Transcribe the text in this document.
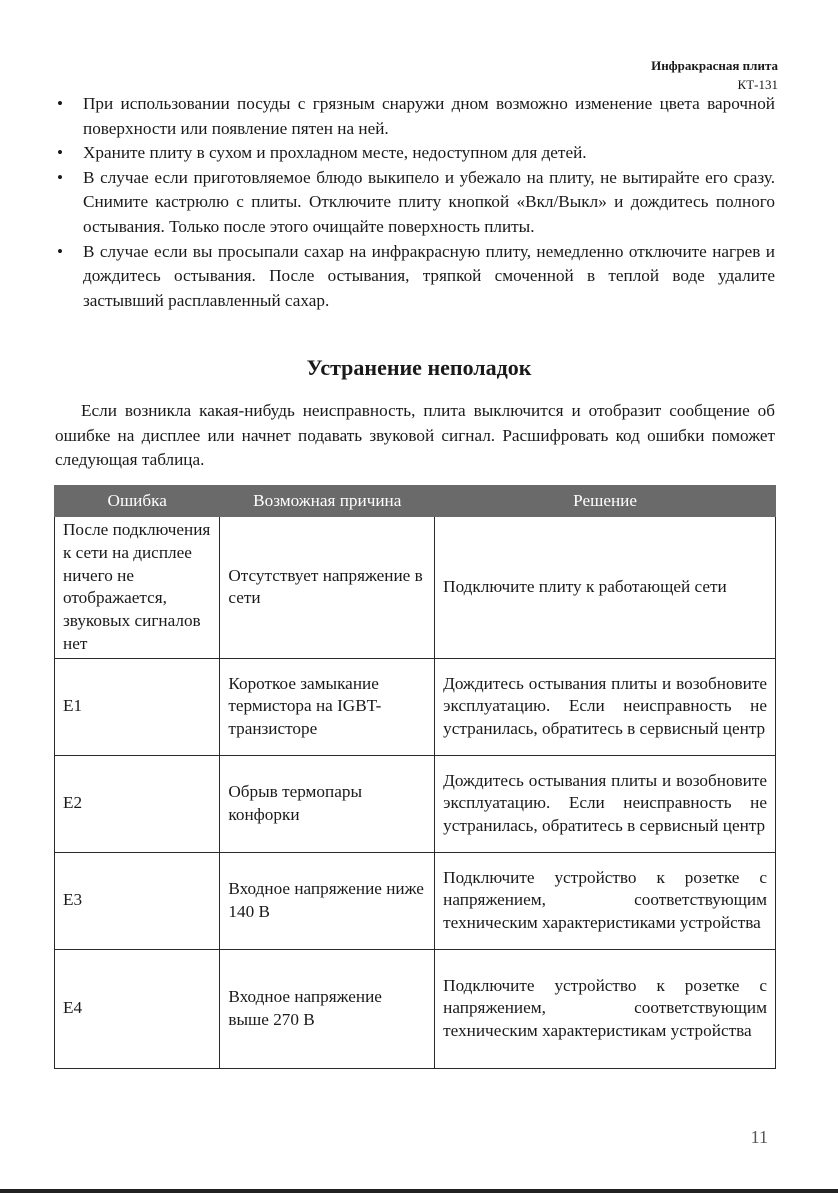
Инфракрасная плита
КТ-131
• При использовании посуды с грязным снаружи дном возможно изменение цвета варочной поверхности или появление пятен на ней.
• Храните плиту в сухом и прохладном месте, недоступном для детей.
• В случае если приготовляемое блюдо выкипело и убежало на плиту, не вытирайте его сразу. Снимите кастрюлю с плиты. Отключите плиту кнопкой «Вкл/Выкл» и дождитесь полного остывания. Только после этого очищайте поверхность плиты.
• В случае если вы просыпали сахар на инфракрасную плиту, немедленно отключите нагрев и дождитесь остывания. После остывания, тряпкой смоченной в теплой воде удалите застывший расплавленный сахар.
Устранение неполадок

Если возникла какая-нибудь неисправность, плита выключится и отобразит сообщение об ошибке на дисплее или начнет подавать звуковой сигнал. Расшифровать код ошибки поможет следующая таблица.

Ошибка	Возможная причина	Решение
После подключения к сети на дисплее ничего не отображается, звуковых сигналов нет	Отсутствует напряжение в сети	Подключите плиту к работающей сети
E1	Короткое замыкание термистора на IGBT-транзисторе	Дождитесь остывания плиты и возобновите эксплуатацию. Если неисправность не устранилась, обратитесь в сервисный центр
E2	Обрыв термопары конфорки	Дождитесь остывания плиты и возобновите эксплуатацию. Если неисправность не устранилась, обратитесь в сервисный центр
E3	Входное напряжение ниже 140 В	Подключите устройство к розетке с напряжением, соответствующим техническим характеристиками устройства
E4	Входное напряжение выше 270 В	Подключите устройство к розетке с напряжением, соответствующим техническим характеристикам устройства
11
